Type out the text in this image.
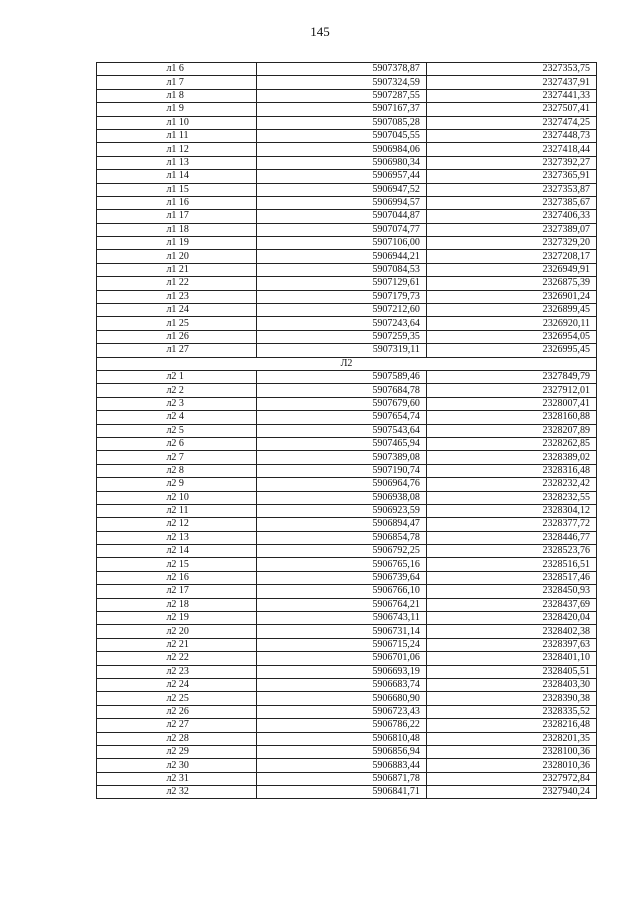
145
л1 6	5907378,87	2327353,75
л1 7	5907324,59	2327437,91
л1 8	5907287,55	2327441,33
л1 9	5907167,37	2327507,41
л1 10	5907085,28	2327474,25
л1 11	5907045,55	2327448,73
л1 12	5906984,06	2327418,44
л1 13	5906980,34	2327392,27
л1 14	5906957,44	2327365,91
л1 15	5906947,52	2327353,87
л1 16	5906994,57	2327385,67
л1 17	5907044,87	2327406,33
л1 18	5907074,77	2327389,07
л1 19	5907106,00	2327329,20
л1 20	5906944,21	2327208,17
л1 21	5907084,53	2326949,91
л1 22	5907129,61	2326875,39
л1 23	5907179,73	2326901,24
л1 24	5907212,60	2326899,45
л1 25	5907243,64	2326920,11
л1 26	5907259,35	2326954,05
л1 27	5907319,11	2326995,45
Л2		
л2 1	5907589,46	2327849,79
л2 2	5907684,78	2327912,01
л2 3	5907679,60	2328007,41
л2 4	5907654,74	2328160,88
л2 5	5907543,64	2328207,89
л2 6	5907465,94	2328262,85
л2 7	5907389,08	2328389,02
л2 8	5907190,74	2328316,48
л2 9	5906964,76	2328232,42
л2 10	5906938,08	2328232,55
л2 11	5906923,59	2328304,12
л2 12	5906894,47	2328377,72
л2 13	5906854,78	2328446,77
л2 14	5906792,25	2328523,76
л2 15	5906765,16	2328516,51
л2 16	5906739,64	2328517,46
л2 17	5906766,10	2328450,93
л2 18	5906764,21	2328437,69
л2 19	5906743,11	2328420,04
л2 20	5906731,14	2328402,38
л2 21	5906715,24	2328397,63
л2 22	5906701,06	2328401,10
л2 23	5906693,19	2328405,51
л2 24	5906683,74	2328403,30
л2 25	5906680,90	2328390,38
л2 26	5906723,43	2328335,52
л2 27	5906786,22	2328216,48
л2 28	5906810,48	2328201,35
л2 29	5906856,94	2328100,36
л2 30	5906883,44	2328010,36
л2 31	5906871,78	2327972,84
л2 32	5906841,71	2327940,24
